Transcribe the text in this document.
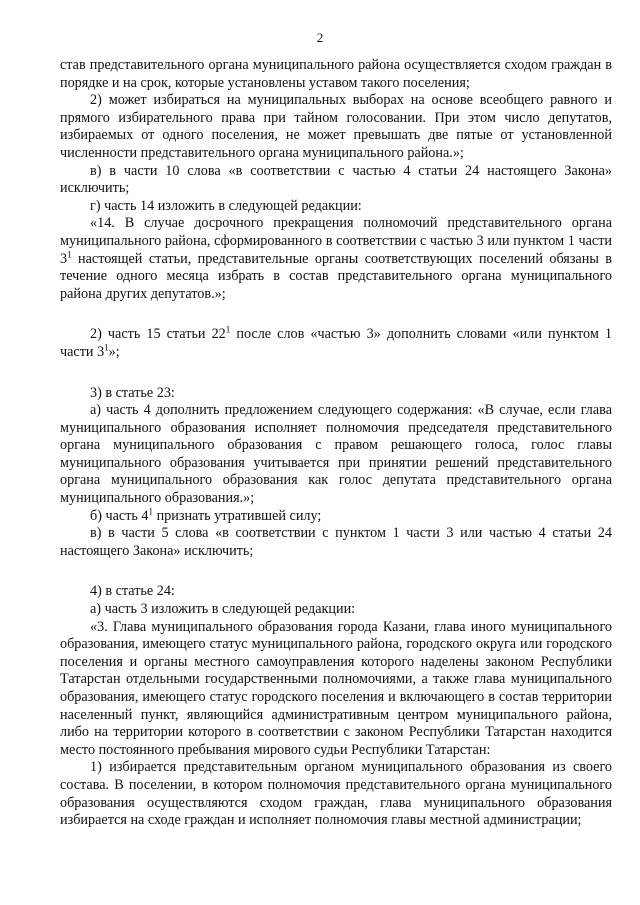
2

став представительного органа муниципального района осуществляется сходом граждан в порядке и на срок, которые установлены уставом такого поселения;

2) может избираться на муниципальных выборах на основе всеобщего равного и прямого избирательного права при тайном голосовании. При этом число депутатов, избираемых от одного поселения, не может превышать две пятые от установленной численности представительного органа муниципального района.»;

в) в части 10 слова «в соответствии с частью 4 статьи 24 настоящего Закона» исключить;

г) часть 14 изложить в следующей редакции:

«14. В случае досрочного прекращения полномочий представительного органа муниципального района, сформированного в соответствии с частью 3 или пунктом 1 части $3^1$ настоящей статьи, представительные органы соответствующих поселений обязаны в течение одного месяца избрать в состав представительного органа муниципального района других депутатов.»;

2) часть 15 статьи $22^1$ после слов «частью 3» дополнить словами «или пунктом 1 части $3^1$»;

3) в статье 23:

а) часть 4 дополнить предложением следующего содержания: «В случае, если глава муниципального образования исполняет полномочия председателя представительного органа муниципального образования с правом решающего голоса, голос главы муниципального образования учитывается при принятии решений представительного органа муниципального образования как голос депутата представительного органа муниципального образования.»;

б) часть $4^1$ признать утратившей силу;

в) в части 5 слова «в соответствии с пунктом 1 части 3 или частью 4 статьи 24 настоящего Закона» исключить;

4) в статье 24:

а) часть 3 изложить в следующей редакции:

«3. Глава муниципального образования города Казани, глава иного муниципального образования, имеющего статус муниципального района, городского округа или городского поселения и органы местного самоуправления которого наделены законом Республики Татарстан отдельными государственными полномочиями, а также глава муниципального образования, имеющего статус городского поселения и включающего в состав территории населенный пункт, являющийся административным центром муниципального района, либо на территории которого в соответствии с законом Республики Татарстан находится место постоянного пребывания мирового судьи Республики Татарстан:

1) избирается представительным органом муниципального образования из своего состава. В поселении, в котором полномочия представительного органа муниципального образования осуществляются сходом граждан, глава муниципального образования избирается на сходе граждан и исполняет полномочия главы местной администрации;
